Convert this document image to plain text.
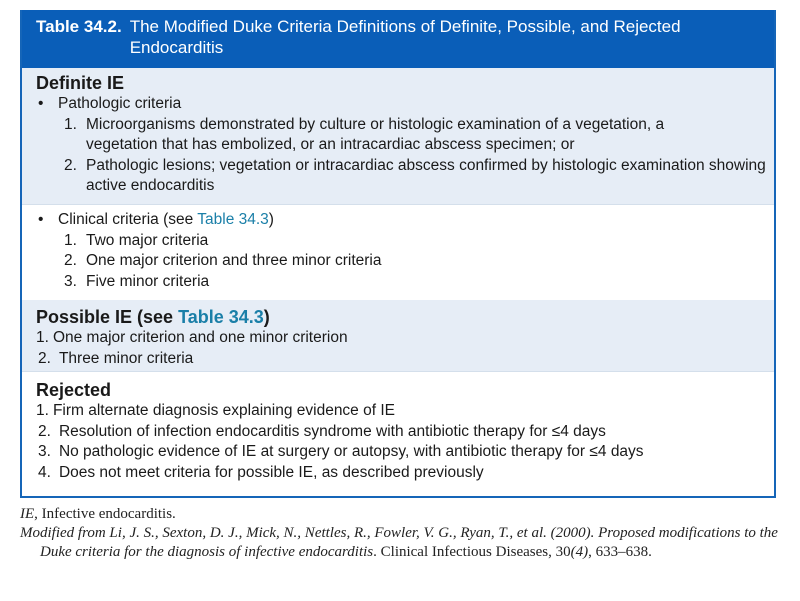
Table 34.2. The Modified Duke Criteria Definitions of Definite, Possible, and Rejected Endocarditis
Definite IE
• Pathologic criteria
1. Microorganisms demonstrated by culture or histologic examination of a vegetation, a vegetation that has embolized, or an intracardiac abscess specimen; or
2. Pathologic lesions; vegetation or intracardiac abscess confirmed by histologic examination showing active endocarditis
• Clinical criteria (see Table 34.3)
1. Two major criteria
2. One major criterion and three minor criteria
3. Five minor criteria
Possible IE (see Table 34.3)
1. One major criterion and one minor criterion
2. Three minor criteria
Rejected
1. Firm alternate diagnosis explaining evidence of IE
2. Resolution of infection endocarditis syndrome with antibiotic therapy for ≤4 days
3. No pathologic evidence of IE at surgery or autopsy, with antibiotic therapy for ≤4 days
4. Does not meet criteria for possible IE, as described previously
IE, Infective endocarditis.
Modified from Li, J. S., Sexton, D. J., Mick, N., Nettles, R., Fowler, V. G., Ryan, T., et al. (2000). Proposed modifications to the Duke criteria for the diagnosis of infective endocarditis. Clinical Infectious Diseases, 30(4), 633–638.
